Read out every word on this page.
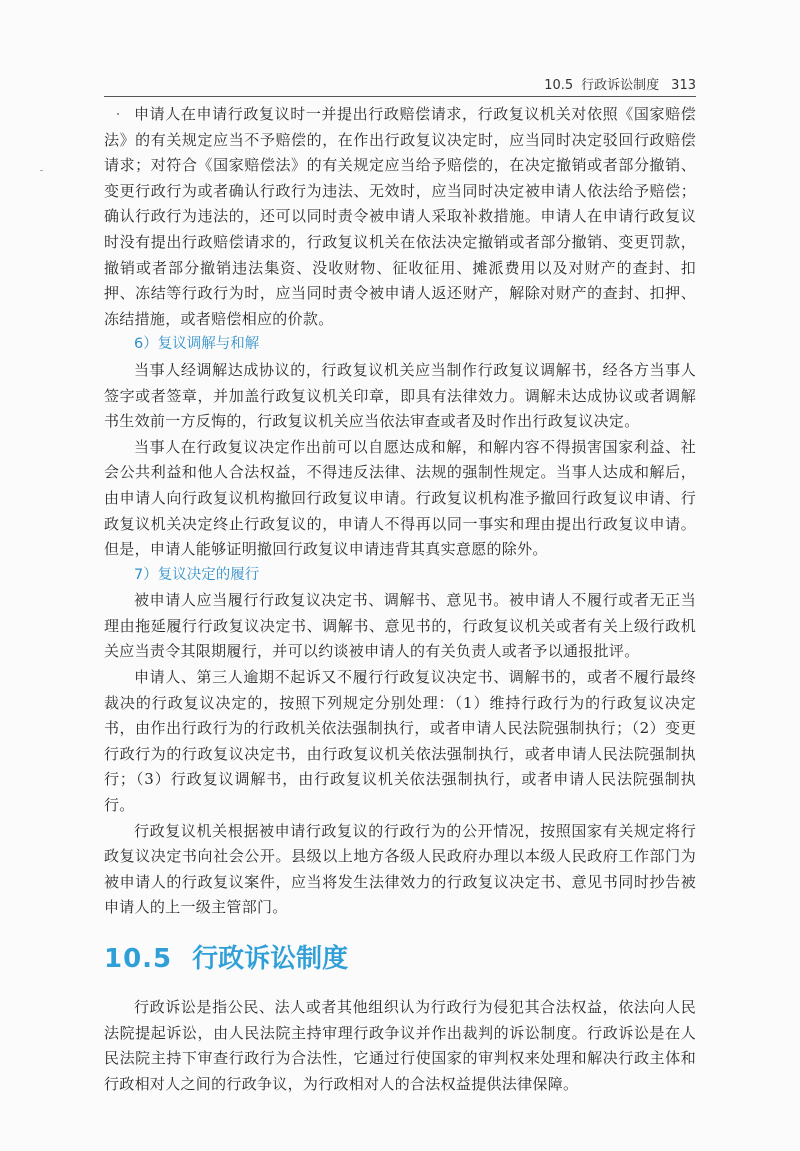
10.5 行政诉讼制度 313

申请人在申请行政复议时一并提出行政赔偿请求，行政复议机关对依照《国家赔偿法》的有关规定应当不予赔偿的，在作出行政复议决定时，应当同时决定驳回行政赔偿请求；对符合《国家赔偿法》的有关规定应当给予赔偿的，在决定撤销或者部分撤销、变更行政行为或者确认行政行为违法、无效时，应当同时决定被申请人依法给予赔偿；确认行政行为违法的，还可以同时责令被申请人采取补救措施。申请人在申请行政复议时没有提出行政赔偿请求的，行政复议机关在依法决定撤销或者部分撤销、变更罚款，撤销或者部分撤销违法集资、没收财物、征收征用、摊派费用以及对财产的查封、扣押、冻结等行政行为时，应当同时责令被申请人返还财产，解除对财产的查封、扣押、冻结措施，或者赔偿相应的价款。

6）复议调解与和解

当事人经调解达成协议的，行政复议机关应当制作行政复议调解书，经各方当事人签字或者签章，并加盖行政复议机关印章，即具有法律效力。调解未达成协议或者调解书生效前一方反悔的，行政复议机关应当依法审查或者及时作出行政复议决定。

当事人在行政复议决定作出前可以自愿达成和解，和解内容不得损害国家利益、社会公共利益和他人合法权益，不得违反法律、法规的强制性规定。当事人达成和解后，由申请人向行政复议机构撤回行政复议申请。行政复议机构准予撤回行政复议申请、行政复议机关决定终止行政复议的，申请人不得再以同一事实和理由提出行政复议申请。但是，申请人能够证明撤回行政复议申请违背其真实意愿的除外。

7）复议决定的履行

被申请人应当履行行政复议决定书、调解书、意见书。被申请人不履行或者无正当理由拖延履行行政复议决定书、调解书、意见书的，行政复议机关或者有关上级行政机关应当责令其限期履行，并可以约谈被申请人的有关负责人或者予以通报批评。

申请人、第三人逾期不起诉又不履行行政复议决定书、调解书的，或者不履行最终裁决的行政复议决定的，按照下列规定分别处理：（1）维持行政行为的行政复议决定书，由作出行政行为的行政机关依法强制执行，或者申请人民法院强制执行；（2）变更行政行为的行政复议决定书，由行政复议机关依法强制执行，或者申请人民法院强制执行；（3）行政复议调解书，由行政复议机关依法强制执行，或者申请人民法院强制执行。

行政复议机关根据被申请行政复议的行政行为的公开情况，按照国家有关规定将行政复议决定书向社会公开。县级以上地方各级人民政府办理以本级人民政府工作部门为被申请人的行政复议案件，应当将发生法律效力的行政复议决定书、意见书同时抄告被申请人的上一级主管部门。

10.5 行政诉讼制度

行政诉讼是指公民、法人或者其他组织认为行政行为侵犯其合法权益，依法向人民法院提起诉讼，由人民法院主持审理行政争议并作出裁判的诉讼制度。行政诉讼是在人民法院主持下审查行政行为合法性，它通过行使国家的审判权来处理和解决行政主体和行政相对人之间的行政争议，为行政相对人的合法权益提供法律保障。
